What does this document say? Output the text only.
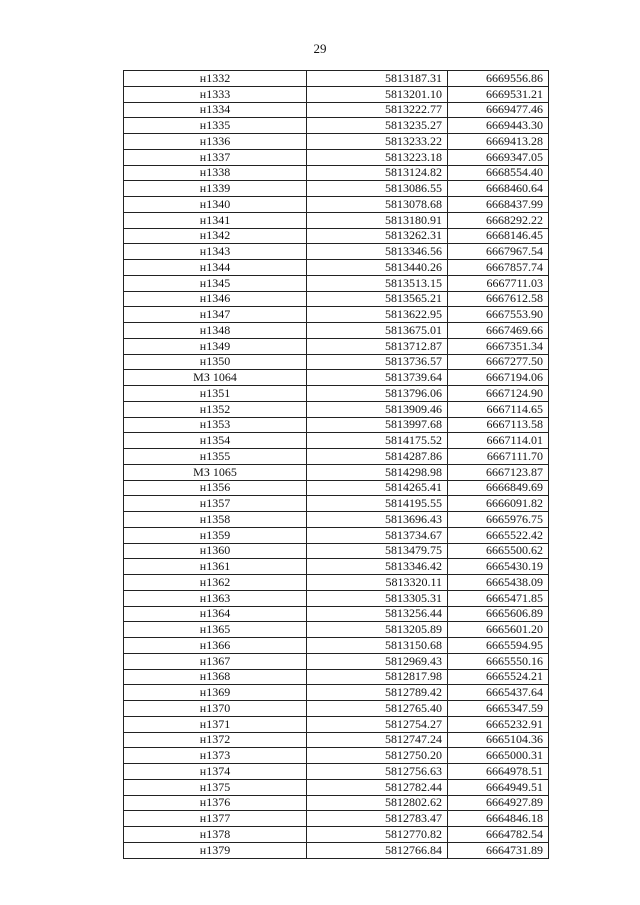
29
н1332	5813187.31	6669556.86
н1333	5813201.10	6669531.21
н1334	5813222.77	6669477.46
н1335	5813235.27	6669443.30
н1336	5813233.22	6669413.28
н1337	5813223.18	6669347.05
н1338	5813124.82	6668554.40
н1339	5813086.55	6668460.64
н1340	5813078.68	6668437.99
н1341	5813180.91	6668292.22
н1342	5813262.31	6668146.45
н1343	5813346.56	6667967.54
н1344	5813440.26	6667857.74
н1345	5813513.15	6667711.03
н1346	5813565.21	6667612.58
н1347	5813622.95	6667553.90
н1348	5813675.01	6667469.66
н1349	5813712.87	6667351.34
н1350	5813736.57	6667277.50
МЗ 1064	5813739.64	6667194.06
н1351	5813796.06	6667124.90
н1352	5813909.46	6667114.65
н1353	5813997.68	6667113.58
н1354	5814175.52	6667114.01
н1355	5814287.86	6667111.70
МЗ 1065	5814298.98	6667123.87
н1356	5814265.41	6666849.69
н1357	5814195.55	6666091.82
н1358	5813696.43	6665976.75
н1359	5813734.67	6665522.42
н1360	5813479.75	6665500.62
н1361	5813346.42	6665430.19
н1362	5813320.11	6665438.09
н1363	5813305.31	6665471.85
н1364	5813256.44	6665606.89
н1365	5813205.89	6665601.20
н1366	5813150.68	6665594.95
н1367	5812969.43	6665550.16
н1368	5812817.98	6665524.21
н1369	5812789.42	6665437.64
н1370	5812765.40	6665347.59
н1371	5812754.27	6665232.91
н1372	5812747.24	6665104.36
н1373	5812750.20	6665000.31
н1374	5812756.63	6664978.51
н1375	5812782.44	6664949.51
н1376	5812802.62	6664927.89
н1377	5812783.47	6664846.18
н1378	5812770.82	6664782.54
н1379	5812766.84	6664731.89
